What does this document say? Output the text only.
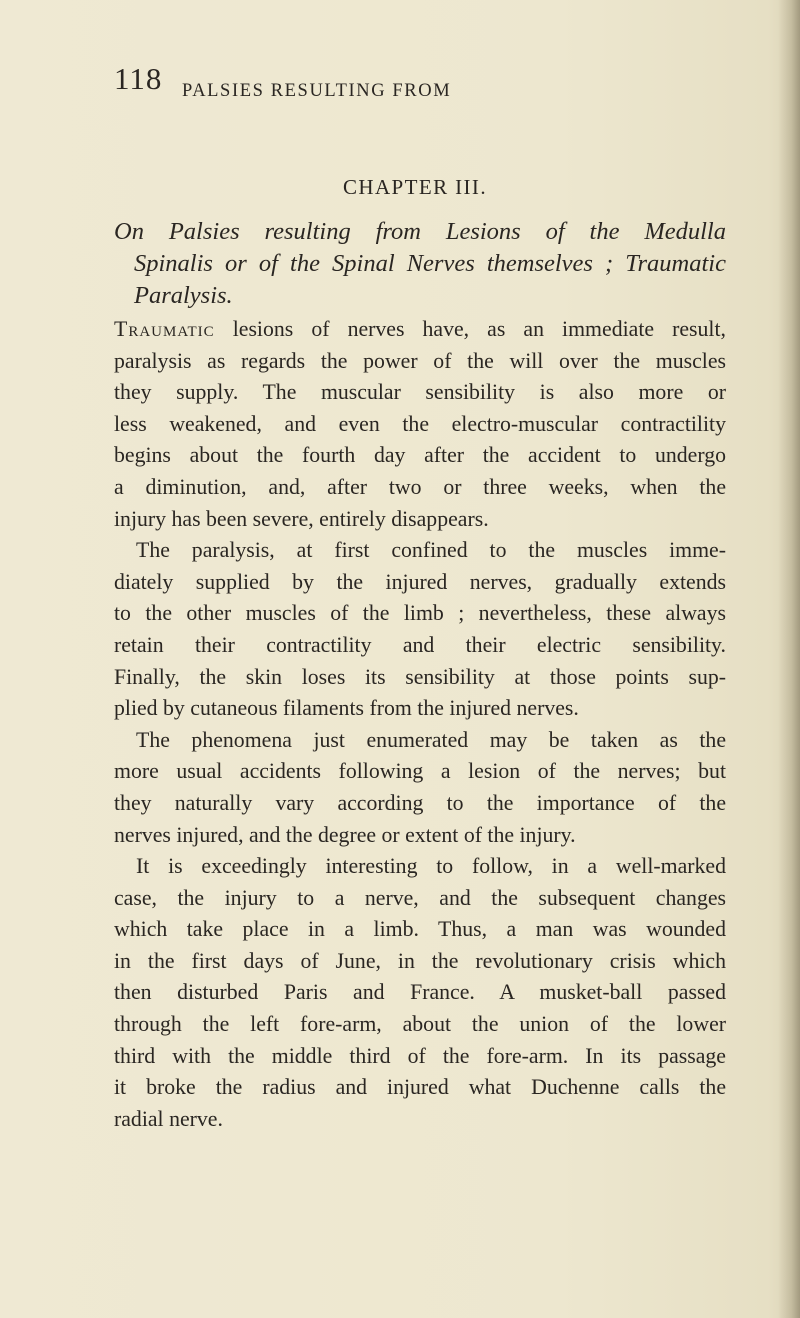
118 PALSIES RESULTING FROM
CHAPTER III.
On Palsies resulting from Lesions of the Medulla
Spinalis or of the Spinal Nerves themselves ; Traumatic
Paralysis.
Traumatic lesions of nerves have, as an immediate result,
paralysis as regards the power of the will over the muscles
they supply. The muscular sensibility is also more or
less weakened, and even the electro-muscular contractility
begins about the fourth day after the accident to undergo
a diminution, and, after two or three weeks, when the
injury has been severe, entirely disappears.
The paralysis, at first confined to the muscles imme-
diately supplied by the injured nerves, gradually extends
to the other muscles of the limb ; nevertheless, these always
retain their contractility and their electric sensibility.
Finally, the skin loses its sensibility at those points sup-
plied by cutaneous filaments from the injured nerves.
The phenomena just enumerated may be taken as the
more usual accidents following a lesion of the nerves; but
they naturally vary according to the importance of the
nerves injured, and the degree or extent of the injury.
It is exceedingly interesting to follow, in a well-marked
case, the injury to a nerve, and the subsequent changes
which take place in a limb. Thus, a man was wounded
in the first days of June, in the revolutionary crisis which
then disturbed Paris and France. A musket-ball passed
through the left fore-arm, about the union of the lower
third with the middle third of the fore-arm. In its passage
it broke the radius and injured what Duchenne calls the
radial nerve.
